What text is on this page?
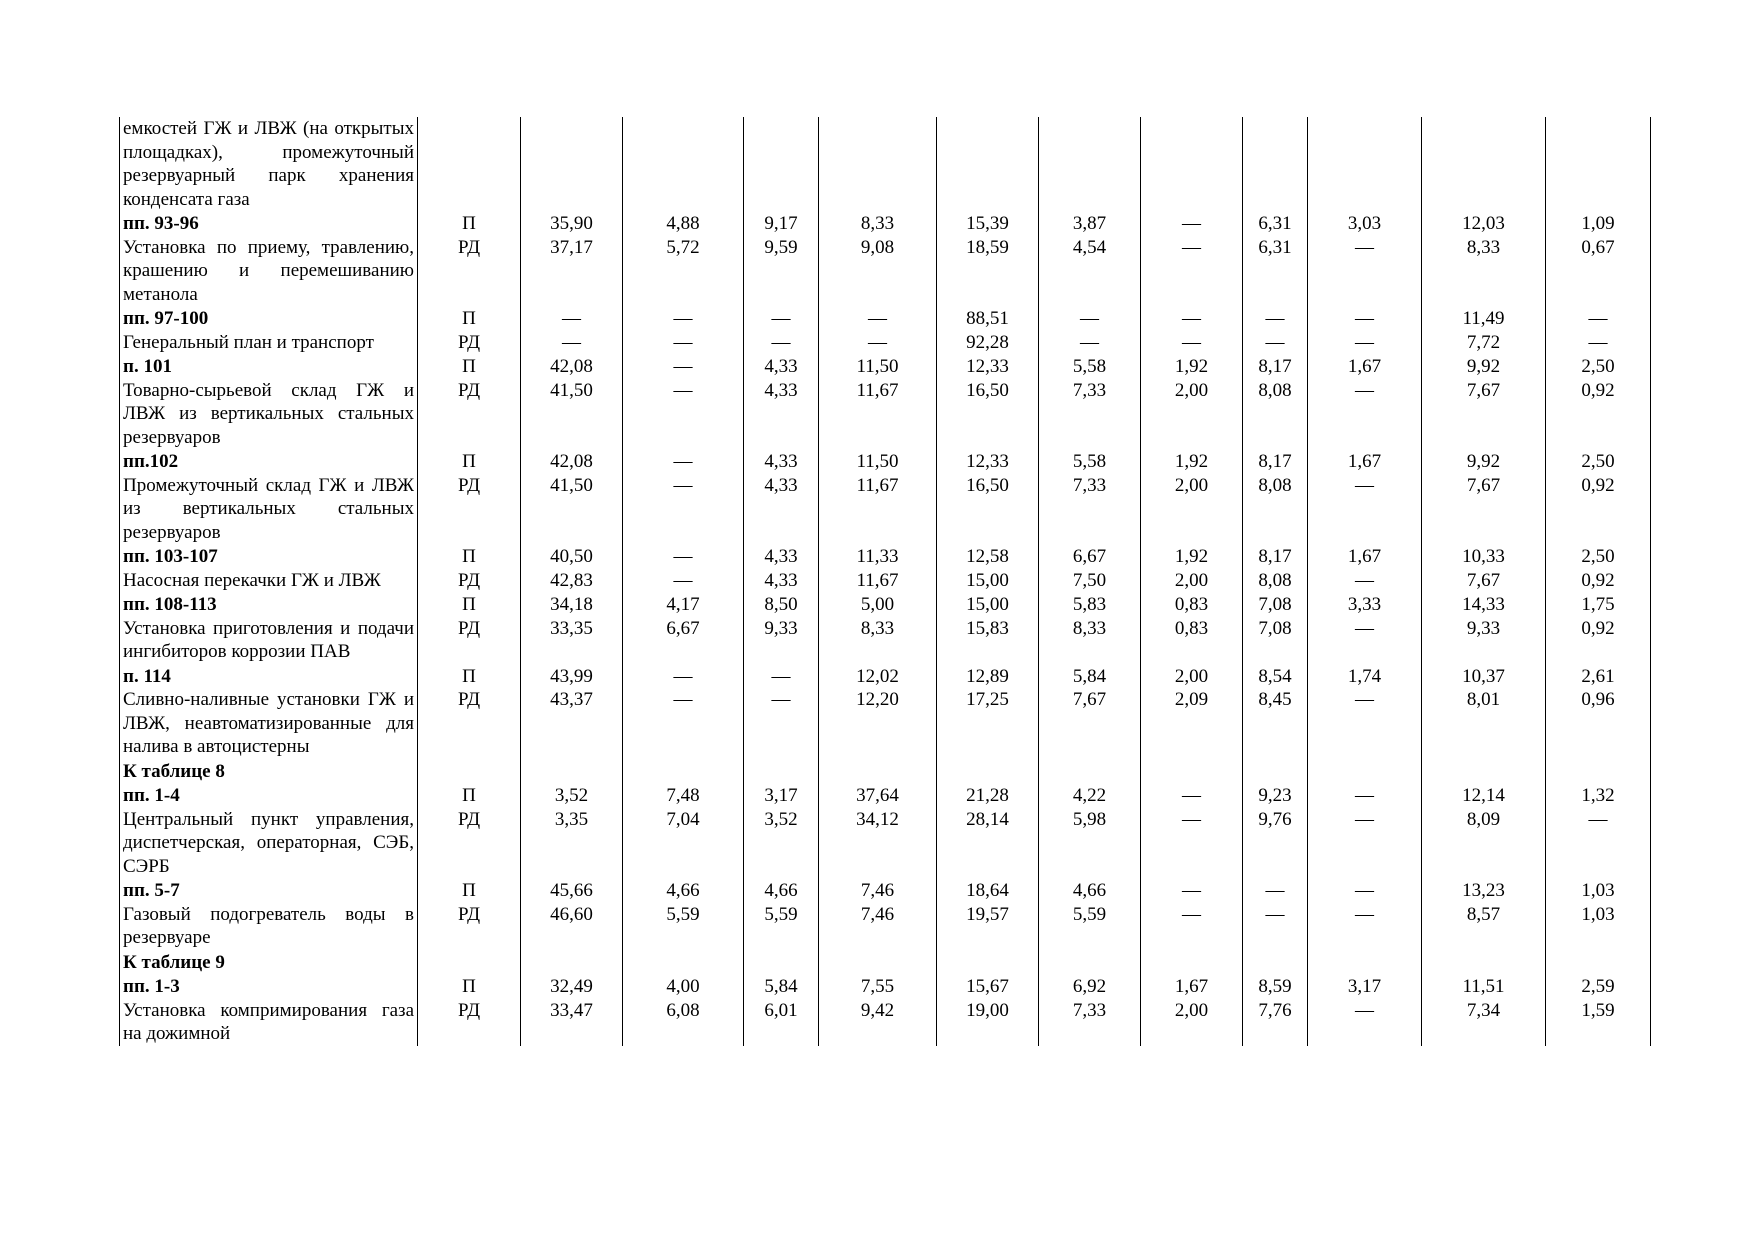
емкостей ГЖ и ЛВЖ (на открытых площадках), промежуточный резервуарный парк хранения конденсата газа												
пп. 93-96	П	35,90	4,88	9,17	8,33	15,39	3,87	—	6,31	3,03	12,03	1,09
Установка по приему, травлению, крашению и перемешиванию метанола	РД	37,17	5,72	9,59	9,08	18,59	4,54	—	6,31	—	8,33	0,67
пп. 97-100	П	—	—	—	—	88,51	—	—	—	—	11,49	—
Генеральный план и транспорт	РД	—	—	—	—	92,28	—	—	—	—	7,72	—
п. 101	П	42,08	—	4,33	11,50	12,33	5,58	1,92	8,17	1,67	9,92	2,50
Товарно-сырьевой склад ГЖ и ЛВЖ из вертикальных стальных резервуаров	РД	41,50	—	4,33	11,67	16,50	7,33	2,00	8,08	—	7,67	0,92
пп.102	П	42,08	—	4,33	11,50	12,33	5,58	1,92	8,17	1,67	9,92	2,50
Промежуточный склад ГЖ и ЛВЖ из вертикальных стальных резервуаров	РД	41,50	—	4,33	11,67	16,50	7,33	2,00	8,08	—	7,67	0,92
пп. 103-107	П	40,50	—	4,33	11,33	12,58	6,67	1,92	8,17	1,67	10,33	2,50
Насосная перекачки ГЖ и ЛВЖ	РД	42,83	—	4,33	11,67	15,00	7,50	2,00	8,08	—	7,67	0,92
пп. 108-113	П	34,18	4,17	8,50	5,00	15,00	5,83	0,83	7,08	3,33	14,33	1,75
Установка приготовления и подачи ингибиторов коррозии ПАВ	РД	33,35	6,67	9,33	8,33	15,83	8,33	0,83	7,08	—	9,33	0,92
п. 114	П	43,99	—	—	12,02	12,89	5,84	2,00	8,54	1,74	10,37	2,61
Сливно-наливные установки ГЖ и ЛВЖ, неавтоматизированные для налива в автоцистерны	РД	43,37	—	—	12,20	17,25	7,67	2,09	8,45	—	8,01	0,96
К таблице 8												
пп. 1-4	П	3,52	7,48	3,17	37,64	21,28	4,22	—	9,23	—	12,14	1,32
Центральный пункт управления, диспетчерская, операторная, СЭБ, СЭРБ	РД	3,35	7,04	3,52	34,12	28,14	5,98	—	9,76	—	8,09	—
пп. 5-7	П	45,66	4,66	4,66	7,46	18,64	4,66	—	—	—	13,23	1,03
Газовый подогреватель воды в резервуаре	РД	46,60	5,59	5,59	7,46	19,57	5,59	—	—	—	8,57	1,03
К таблице 9												
пп. 1-3	П	32,49	4,00	5,84	7,55	15,67	6,92	1,67	8,59	3,17	11,51	2,59
Установка компримирования газа на дожимной	РД	33,47	6,08	6,01	9,42	19,00	7,33	2,00	7,76	—	7,34	1,59
